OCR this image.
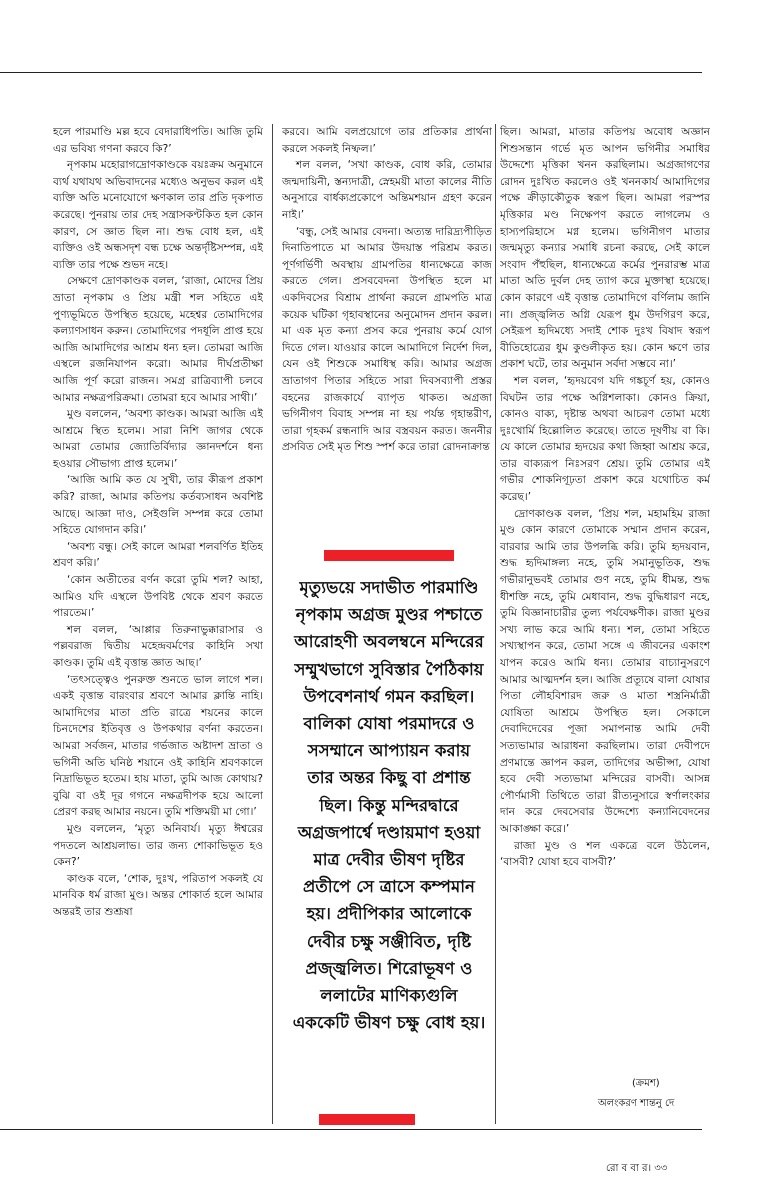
হলে পারমাণ্ডি মল্ল হবে বেদারাধিপতি। আজি তুমি এর ভবিষ্য গণনা করবে কি?’

নৃপকাম মহোরাগদ্রোণকাণ্ডকে বয়ঃক্রম অনুমানে ব্যর্থ যথাযথ অভিবাদনের মধ্যেও অনুভব করল এই ব্যক্তি অতি মনোযোগে ক্ষণকাল তার প্রতি দৃকপাত করেছে। পুনরায় তার দেহ সন্ত্রাসকণ্টকিত হল কোন কারণ, সে জ্ঞাত ছিল না। শুদ্ধ বোধ হল, এই ব্যক্তিও ওই অন্ধসদৃশ বন্ধ চক্ষে অন্তর্দৃষ্টিসম্পন্ন, এই ব্যক্তি তার পক্ষে শুভদ নহে।

সেক্ষণে দ্রোণকাণ্ডক বলল, ‘রাজা, মোদের প্রিয় ভ্রাতা নৃপকাম ও প্রিয় মন্ত্রী শল সহিতে এই পুণ্যভূমিতে উপস্থিত হয়েছে, মহেশ্বর তোমাদিগের কল্যাণসাধন করুন। তোমাদিগের পদধূলি প্রাপ্ত হয়ে আজি আমাদিগের আশ্রম ধন্য হল। তোমরা আজি এস্থলে রজনিযাপন করো। আমার দীর্ঘপ্রতীক্ষা আজি পূর্ণ করো রাজন। সমগ্র রাত্রিব্যাপী চলবে আমার নক্ষত্রপরিক্রমা। তোমরা হবে আমার সাথী।’

মুণ্ড বললেন, ‘অবশ্য কাণ্ডক। আমরা আজি এই আশ্রমে স্থিত হলেম। সারা নিশি জাগর থেকে আমরা তোমার জ্যোতির্বিদ্যার জ্ঞানদর্শনে ধন্য হওয়ার সৌভাগ্য প্রাপ্ত হলেম।’

‘আজি আমি কত যে সুখী, তার কীরূপ প্রকাশ করি? রাজা, আমার কতিপয় কর্তব্যসাধন অবশিষ্ট আছে। আজ্ঞা দাও, সেইগুলি সম্পন্ন করে তোমা সহিতে যোগদান করি।’

‘অবশ্য বন্ধু। সেই কালে আমরা শলবর্ণিত ইতিহ শ্রবণ করি।’

‘কোন অতীতের বর্ণন করো তুমি শল? আহা, আমিও যদি এস্থলে উপবিষ্ট থেকে শ্রবণ করতে পারতেম।’

শল বলল, ‘আপ্পার তিরুনাভুক্কারাসার ও পল্লবরাজ দ্বিতীয় মহেন্দ্রবর্মণের কাহিনি সখা কাণ্ডক। তুমি এই বৃত্তান্ত জ্ঞাত আছ।’

‘তৎসত্ত্বেও পুনরুক্ত শুনতে ভাল লাগে শল। একই বৃত্তান্ত বারংবার শ্রবণে আমার ক্লান্তি নাহি। আমাদিগের মাতা প্রতি রাত্রে শয়নের কালে চিনদেশের ইতিবৃত্ত ও উপকথার বর্ণনা করতেন। আমরা সর্বজন, মাতার গর্ভজাত অষ্টাদশ ভ্রাতা ও ভগিনী অতি ঘনিষ্ঠ শয়ানে ওই কাহিনি শ্রবণকালে নিদ্রাভিভূত হতেম। হায় মাতা, তুমি আজ কোথায়? বুঝি বা ওই দূর গগনে নক্ষত্রদীপক হয়ে আলো প্রেরণ করছ আমার নয়নে। তুমি শক্তিময়ী মা গো।’

মুণ্ড বললেন, ‘মৃত্যু অনিবার্য। মৃত্যু ঈশ্বরের পদতলে আশ্রয়লাভ। তার জন্য শোকাভিভূত হও কেন?’

কাণ্ডক বলে, ‘শোক, দুঃখ, পরিতাপ সকলই যে মানবিক ধর্ম রাজা মুণ্ড। অন্তর শোকার্ত হলে আমার অন্তরই তার শুশ্রূষা

করবে। আমি বলপ্রয়োগে তার প্রতিকার প্রার্থনা করলে সকলই নিষ্ফল।’

শল বলল, ‘সখা কাণ্ডক, বোধ করি, তোমার জন্মদায়িনী, স্তন্যদাত্রী, স্নেহময়ী মাতা কালের নীতি অনুসারে বার্ধক্যপ্রকোপে অন্তিমশয়ান গ্রহণ করেন নাই।’

‘বন্ধু, সেই আমার বেদনা। অত্যন্ত দারিদ্র্যপীড়িত দিনাতিপাতে মা আমার উদয়াস্ত পরিশ্রম করত। পূর্ণগর্ভিণী অবস্থায় গ্রামপতির ধান্যক্ষেত্রে কাজ করতে গেল। প্রসববেদনা উপস্থিত হলে মা একদিবসের বিশ্রাম প্রার্থনা করলে গ্রামপতি মাত্র কয়েক ঘটিকা গৃহাবস্থানের অনুমোদন প্রদান করল। মা এক মৃত কন্যা প্রসব করে পুনরায় কর্মে যোগ দিতে গেল। যাওয়ার কালে আমাদিগে নির্দেশ দিল, যেন ওই শিশুকে সমাধিস্থ করি। আমার অগ্রজ ভ্রাতাগণ পিতার সহিতে সারা দিবসব্যাপী প্রস্তর বহনের রাজকার্যে ব্যাপৃত থাকত। অগ্রজা ভগিনীগণ বিবাহ সম্পন্ন না হয় পর্যন্ত গৃহান্তরীণ, তারা গৃহকর্ম রন্ধনাদি আর বস্ত্রবয়ন করত। জননীর প্রসবিত সেই মৃত শিশু স্পর্শ করে তারা রোদনাক্রান্ত

মৃত্যুভয়ে সদাভীত পারমাণ্ডি নৃপকাম অগ্রজ মুণ্ডর পশ্চাতে আরোহণী অবলম্বনে মন্দিরের সম্মুখভাগে সুবিস্তার পৈঠিকায় উপবেশনার্থ গমন করছিল। বালিকা যোষা পরমাদরে ও সসম্মানে আপ্যায়ন করায় তার অন্তর কিছু বা প্রশান্ত ছিল। কিন্তু মন্দিরদ্বারে অগ্রজপার্শ্বে দণ্ডায়মাণ হওয়া মাত্র দেবীর ভীষণ দৃষ্টির প্রতীপে সে ত্রাসে কম্পমান হয়। প্রদীপিকার আলোকে দেবীর চক্ষু সঞ্জীবিত, দৃষ্টি প্রজ্জ্বলিত। শিরোভূষণ ও ললাটের মাণিক্যগুলি এককেটি ভীষণ চক্ষু বোধ হয়।

ছিল। আমরা, মাতার কতিপয় অবোধ অজ্ঞান শিশুসন্তান গর্ভে মৃত আপন ভগিনীর সমাধির উদ্দেশ্যে মৃত্তিকা খনন করছিলাম। অগ্রজাগণের রোদন দুঃখিত করলেও ওই খননকার্য আমাদিগের পক্ষে ক্রীড়াকৌতুক স্বরূপ ছিল। আমরা পরস্পর মৃত্তিকার মণ্ড নিক্ষেপণ করতে লাগলেম ও হাস্যপরিহাসে মগ্ন হলেম। ভগিনীগণ মাতার জন্মমৃত্যু কন্যার সমাধি রচনা করছে, সেই কালে সংবাদ পঁহুছিল, ধান্যক্ষেত্রে কর্মের পুনরারম্ভ মাত্র মাতা অতি দুর্বল দেহ ত্যাগ করে মুক্তাস্থা হয়েছে। কোন কারণে এই বৃত্তান্ত তোমাদিগে বর্ণিলাম জানি না। প্রজ্জ্বলিত অগ্নি যেরূপ ধুম উদগিরণ করে, সেইরূপ হৃদিমধ্যে সদাই শোক দুঃখ বিষাদ স্বরূপ বীতিহোত্রের ধুম কুণ্ডলীকৃত হয়। কোন ক্ষণে তার প্রকাশ ঘটে, তার অনুমান সর্বদা সম্ভবে না।’

শল বলল, ‘হৃদয়বেগ যদি গঙ্কচূর্ণ হয়, কোনও বিঘটন তার পক্ষে অগ্নিশলাকা। কোনও ক্রিয়া, কোনও বাক্য, দৃষ্টান্ত অথবা আচরণ তোমা মধ্যে দুঃখোর্মি হিল্লোলিত করেছে। তাতে দূষণীয় বা কি। যে কালে তোমার হৃদয়ের কথা জিহ্বা আশ্রয় করে, তার বাক্যরূপ নিঃসরণ শ্রেয়। তুমি তোমার এই গভীর শোকনিগূঢ়তা প্রকাশ করে যথোচিত কর্ম করেছ।’

দ্রোণকাণ্ডক বলল, ‘প্রিয় শল, মহামহিম রাজা মুণ্ড কোন কারণে তোমাকে সম্মান প্রদান করেন, বারবার আমি তার উপলব্ধি করি। তুমি হৃদয়বান, শুদ্ধ হৃদিমাঙ্গল্য নহে, তুমি সমানুভূতিক, শুদ্ধ গভীরানুভবই তোমার গুণ নহে, তুমি ধীমন্ত, শুদ্ধ ধীশক্তি নহে, তুমি মেধাবান, শুদ্ধ বুদ্ধিধারণ নহে, তুমি বিজ্ঞানাচারীর তুল্য পর্যবেক্ষণীক। রাজা মুণ্ডর সখ্য লাভ করে আমি ধন্য। শল, তোমা সহিতে সখ্যস্থাপন করে, তোমা সঙ্গে এ জীবনের একাংশ যাপন করেও আমি ধন্য। তোমার বাচ্যানুসরণে আমার আত্মদর্শন হল। আজি প্রত্যূষে বালা যোষার পিতা লৌহবিশারদ জরু ও মাতা শস্ত্রনির্মাত্রী যোষিতা আশ্রমে উপস্থিত হল। সেকালে দেবাদিদেবের পূজা সমাপনান্ত আমি দেবী সত্যভামার আরাধনা করছিলাম। তারা দেবীপদে প্রণমান্তে জ্ঞাপন করল, তাদিগের অভীপ্সা, যোষা হবে দেবী সত্যভামা মন্দিরের বাসবী। আসন্ন পৌর্ণমাসী তিথিতে তারা রীত্যনুসারে স্বর্ণালংকার দান করে দেবসেবার উদ্দেশ্যে কন্যানিবেদনের আকাঙ্ক্ষা করে।’

রাজা মুণ্ড ও শল একত্রে বলে উঠলেন, ‘বাসবী? যোষা হবে বাসবী?’

(ক্রমশ)
অলংকরণ শান্তনু দে
রো ব বা র। ৩৩
